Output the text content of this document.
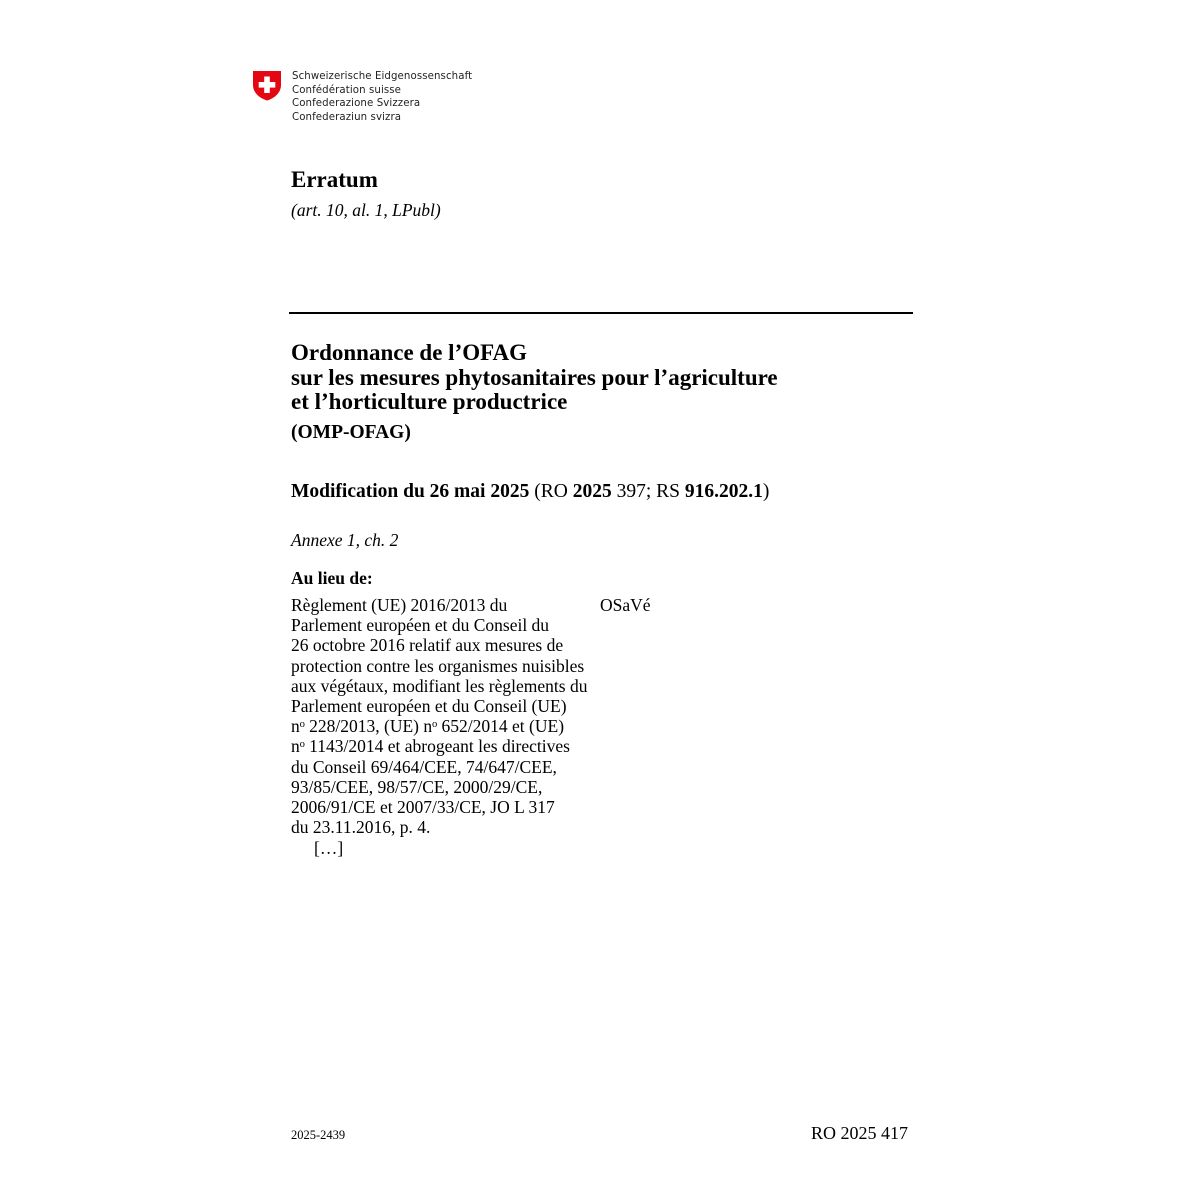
Schweizerische Eidgenossenschaft
Confédération suisse
Confederazione Svizzera
Confederaziun svizra
Erratum
(art. 10, al. 1, LPubl)
Ordonnance de l’OFAG
sur les mesures phytosanitaires pour l’agriculture
et l’horticulture productrice
(OMP-OFAG)
Modification du 26 mai 2025 (RO 2025 397; RS 916.202.1)
Annexe 1, ch. 2
Au lieu de:
Règlement (UE) 2016/2013 du
Parlement européen et du Conseil du
26 octobre 2016 relatif aux mesures de
protection contre les organismes nuisibles
aux végétaux, modifiant les règlements du
Parlement européen et du Conseil (UE)
nᵒ 228/2013, (UE) nᵒ 652/2014 et (UE)
nᵒ 1143/2014 et abrogeant les directives
du Conseil 69/464/CEE, 74/647/CEE,
93/85/CEE, 98/57/CE, 2000/29/CE,
2006/91/CE et 2007/33/CE, JO L 317
du 23.11.2016, p. 4.
OSaVé
[…]
2025-2439	RO 2025 417
